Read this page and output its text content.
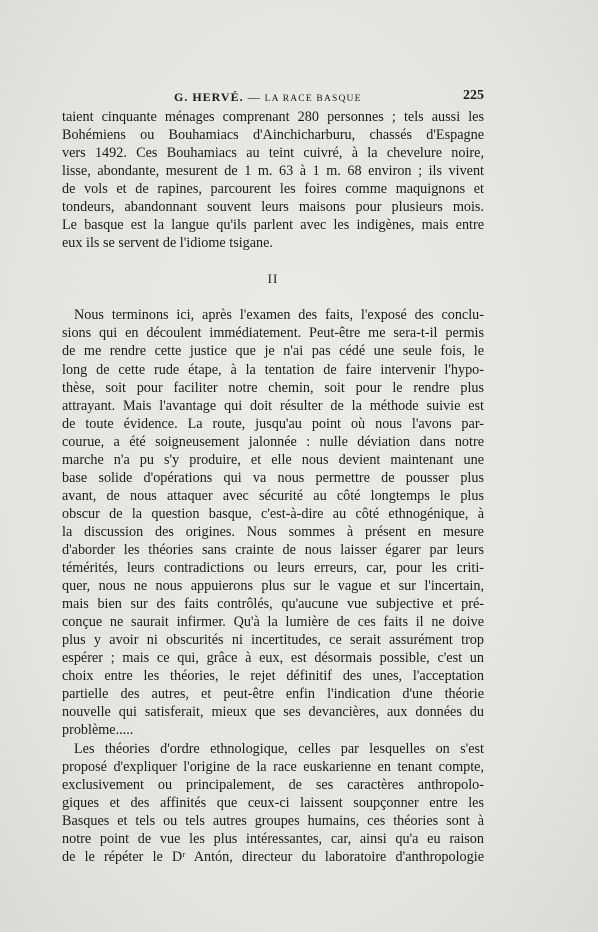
G. HERVÉ. — LA RACE BASQUE	225
taient cinquante ménages comprenant 280 personnes ; tels aussi les
Bohémiens ou Bouhamiacs d'Ainchicharburu, chassés d'Espagne
vers 1492. Ces Bouhamiacs au teint cuivré, à la chevelure noire,
lisse, abondante, mesurent de 1 m. 63 à 1 m. 68 environ ; ils vivent
de vols et de rapines, parcourent les foires comme maquignons et
tondeurs, abandonnant souvent leurs maisons pour plusieurs mois.
Le basque est la langue qu'ils parlent avec les indigènes, mais entre
eux ils se servent de l'idiome tsigane.
II
Nous terminons ici, après l'examen des faits, l'exposé des conclu-
sions qui en découlent immédiatement. Peut-être me sera-t-il permis
de me rendre cette justice que je n'ai pas cédé une seule fois, le
long de cette rude étape, à la tentation de faire intervenir l'hypo-
thèse, soit pour faciliter notre chemin, soit pour le rendre plus
attrayant. Mais l'avantage qui doit résulter de la méthode suivie est
de toute évidence. La route, jusqu'au point où nous l'avons par-
courue, a été soigneusement jalonnée : nulle déviation dans notre
marche n'a pu s'y produire, et elle nous devient maintenant une
base solide d'opérations qui va nous permettre de pousser plus
avant, de nous attaquer avec sécurité au côté longtemps le plus
obscur de la question basque, c'est-à-dire au côté ethnogénique, à
la discussion des origines. Nous sommes à présent en mesure
d'aborder les théories sans crainte de nous laisser égarer par leurs
témérités, leurs contradictions ou leurs erreurs, car, pour les criti-
quer, nous ne nous appuierons plus sur le vague et sur l'incertain,
mais bien sur des faits contrôlés, qu'aucune vue subjective et pré-
conçue ne saurait infirmer. Qu'à la lumière de ces faits il ne doive
plus y avoir ni obscurités ni incertitudes, ce serait assurément trop
espérer ; mais ce qui, grâce à eux, est désormais possible, c'est un
choix entre les théories, le rejet définitif des unes, l'acceptation
partielle des autres, et peut-être enfin l'indication d'une théorie
nouvelle qui satisferait, mieux que ses devancières, aux données du
problème.....
Les théories d'ordre ethnologique, celles par lesquelles on s'est
proposé d'expliquer l'origine de la race euskarienne en tenant compte,
exclusivement ou principalement, de ses caractères anthropolo-
giques et des affinités que ceux-ci laissent soupçonner entre les
Basques et tels ou tels autres groupes humains, ces théories sont à
notre point de vue les plus intéressantes, car, ainsi qu'a eu raison
de le répéter le Dʳ Antón, directeur du laboratoire d'anthropologie
